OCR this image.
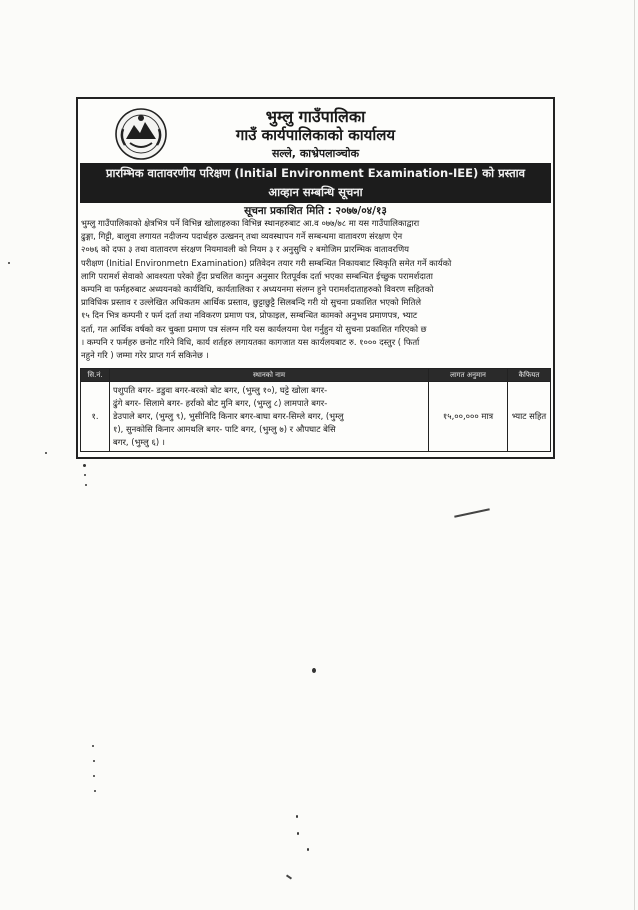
भुम्लु गाउँपालिका
गाउँ कार्यपालिकाको कार्यालय
सल्ले, काभ्रेपलाञ्चोक
प्रारम्भिक वातावरणीय परिक्षण (Initial Environment Examination-IEE) को प्रस्ताव
आव्हान सम्बन्धि सूचना
सूचना प्रकाशित मिति : २०७७/०४/१३
भुम्लु गाउँपालिकाको क्षेत्रभित्र पर्ने विभिन्न खोलाहरुका विभिन्न स्थानहरुबाट आ.व ०७७/७८ मा यस गाउँपालिकाद्वारा
ढुङ्गा, गिट्टी, बालुवा लगायत नदीजन्य पदार्थहरु उत्खनन् तथा व्यवस्थापन गर्ने सम्बन्धमा वातावरण संरक्षण ऐन
२०७६ को दफा ३ तथा वातावरण संरक्षण नियमावली को नियम ३ र अनुसुचि २ बमोजिम प्रारम्भिक वातावरणिय
परीक्षण (Initial Environmetn Examination) प्रतिवेदन तयार गरी सम्बन्धित निकायबाट स्विकृति समेत गर्ने कार्यको
लागि परामर्श सेवाको आवश्यता परेको हुँदा प्रचलित कानुन अनुसार रितपूर्वक दर्ता भएका सम्बन्धित ईच्छुक परामर्शदाता
कम्पनि वा फर्महरुबाट अध्ययनको कार्यविधि, कार्यतालिका र अध्ययनमा संलग्न हुने परामर्शदाताहरुको विवरण सहितको
प्राविधिक प्रस्ताव र उल्लेखित अधिकतम आर्थिक प्रस्ताव, छुट्टाछुट्टै सिलबन्दि गरी यो सुचना प्रकाशित भएको मितिले
१५ दिन भित्र कम्पनी र फर्म दर्ता तथा नविकरण प्रमाण पत्र, प्रोफाइल, सम्बन्धित कामको अनुभव प्रमाणपत्र, भ्याट
दर्ता, गत आर्थिक वर्षको कर चुक्ता प्रमाण पत्र संलग्न गरि यस कार्यलयमा पेश गर्नुहुन यो सुचना प्रकाशित गरिएको छ
। कम्पनि र फर्महरु छनोट गरिने विधि, कार्य शर्तहरु लगायतका कागजात यस कार्यलयबाट रु. १००० दस्तुर ( फिर्ता
नहुने गरि ) जम्मा गरेर प्राप्त गर्न सकिनेछ ।
सि.नं.	स्थानको नाम	लागत अनुमान	कैफियत
१.	पशुपति बगर- डडुवा बगर-बरको बोट बगर, (भुम्लु १०), घट्टे खोला बगर-
ढुंगे बगर- सिलामे बगर- हर्राको बोट मुनि बगर, (भुम्लु ८) लामपाते बगर-
डेउपाले बगर, (भुम्लु ९), भुसीनिदि किनार बगर-बाघा बगर-सिम्ले बगर, (भुम्लु
१), सुनकोसि किनार आमथलि बगर- पाटि बगर, (भुम्लु ७) र औपघाट बेसि
बगर, (भुम्लु ६) ।	१५,००,००० मात्र	भ्याट सहित
